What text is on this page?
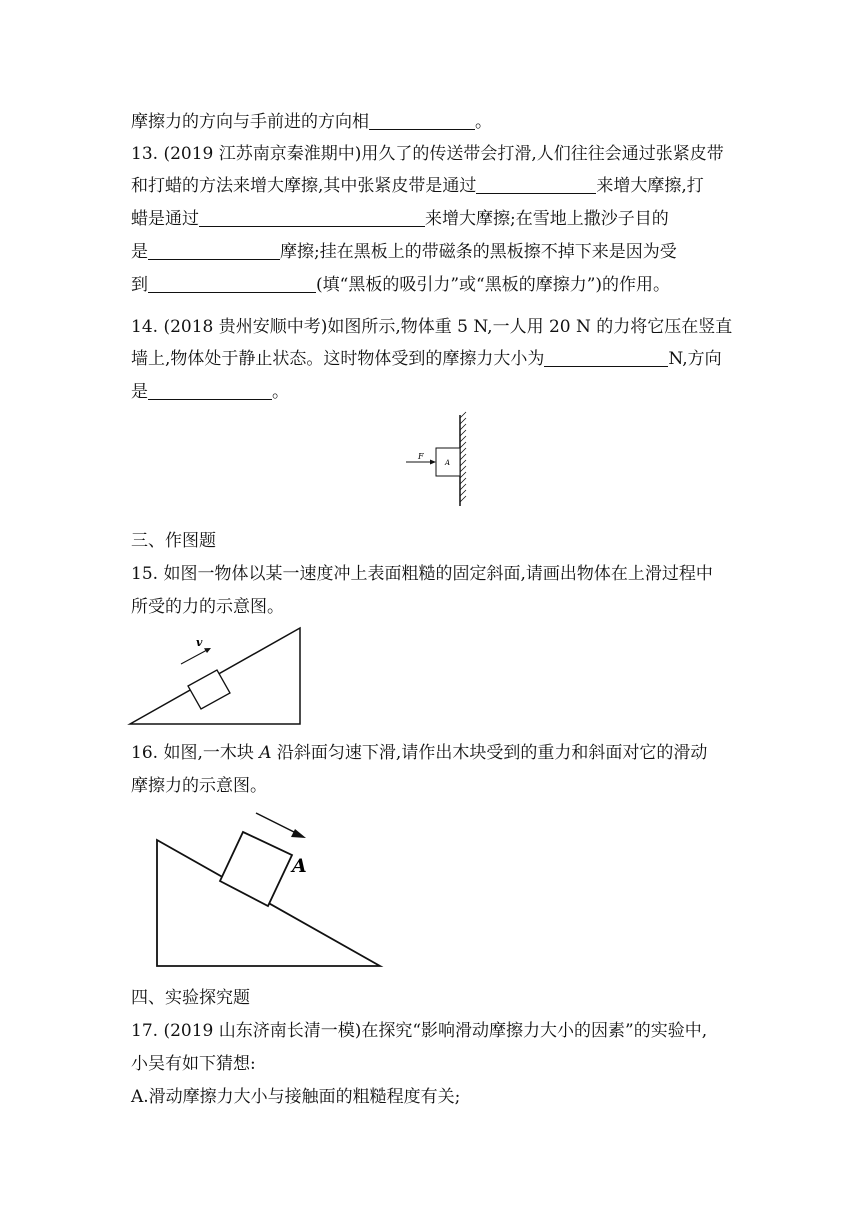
摩擦力的方向与手前进的方向相	。
13. (2019 江苏南京秦淮期中)用久了的传送带会打滑,人们往往会通过张紧皮带
和打蜡的方法来增大摩擦,其中张紧皮带是通过	来增大摩擦,打
蜡是通过	来增大摩擦;在雪地上撒沙子目的
是	摩擦;挂在黑板上的带磁条的黑板擦不掉下来是因为受
到	(填“黑板的吸引力”或“黑板的摩擦力”)的作用。
14. (2018 贵州安顺中考)如图所示,物体重 5 N,一人用 20 N 的力将它压在竖直
墙上,物体处于静止状态。这时物体受到的摩擦力大小为	N,方向
是	。
F
A
三、作图题
15. 如图一物体以某一速度冲上表面粗糙的固定斜面,请画出物体在上滑过程中
所受的力的示意图。
v
16. 如图,一木块 A 沿斜面匀速下滑,请作出木块受到的重力和斜面对它的滑动
摩擦力的示意图。
A
四、实验探究题
17. (2019 山东济南长清一模)在探究“影响滑动摩擦力大小的因素”的实验中,
小吴有如下猜想:
A.滑动摩擦力大小与接触面的粗糙程度有关;
